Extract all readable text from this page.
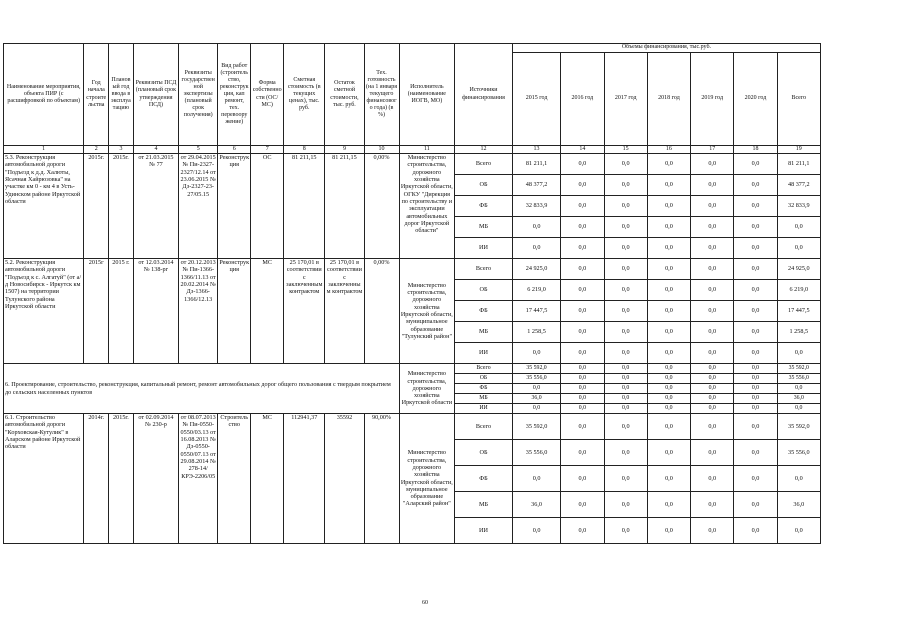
Наименование мероприятия, объекта ПИР (с расшифровкой по объектам)	Год начала строительства	Плановый год ввода в эксплуатацию	Реквизиты ПСД (плановый срок утверждения ПСД)	Реквизиты государственной экспертизы (плановый срок получения)	Вид работ (строительство, реконструкция, кап ремонт, тех. перевооружение)	Форма собственности (ОС/МС)	Сметная стоимость (в текущих ценах), тыс. руб.	Остаток сметной стоимости, тыс. руб.	Тех. готовность (на 1 января текущего финансового года) (в %)	Исполнитель (наименование ИОГВ, МО)	Источники финансирования	Объемы финансирования, тыс.руб.						
												2015 год	2016 год	2017 год	2018 год	2019 год	2020 год	Всего
1	2	3	4	5	6	7	8	9	10	11	12	13	14	15	16	17	18	19
5.3. Реконструкция автомобильной дороги "Подъезд к д.д. Халюты, Ясачная Хайрюзовка" на участке км 0 - км 4 в Усть-Удинском районе Иркутской области	2015г.	2015г.	от 21.03.2015 № 77	от 29.04.2015 № Пи-2327-2327/12.14 от 23.06.2015 № Дз-2327-23-27/05.15	Реконструкция	ОС	81 211,15	81 211,15	0,00%	Министерство строительства, дорожного хозяйства Иркутской области, ОГКУ "Дирекция по строительству и эксплуатации автомобильных дорог Иркутской области"	Всего	81 211,1	0,0	0,0	0,0	0,0	0,0	81 211,1
											ОБ	48 377,2	0,0	0,0	0,0	0,0	0,0	48 377,2
											ФБ	32 833,9	0,0	0,0	0,0	0,0	0,0	32 833,9
											МБ	0,0	0,0	0,0	0,0	0,0	0,0	0,0
											ИИ	0,0	0,0	0,0	0,0	0,0	0,0	0,0
5.2. Реконструкция автомобильной дороги "Подъезд к с. Алгатуй" (от а/д Новосибирск - Иркутск км 1507) на территории Тулунского района Иркутской области	2015г	2015 г.	от 12.03.2014 № 138-рг	от 20.12.2013 № Пи-1366-1366/11.13 от 20.02.2014 № Дз-1366-1366/12.13	Реконструкция	МС	25 170,01 в соответствии с заключенным контрактом	25 170,01 в соответствии с заключенным контрактом	0,00%	Министерство строительства, дорожного хозяйства Иркутской области, муниципальное образование "Тулунский район"	Всего	24 925,0	0,0	0,0	0,0	0,0	0,0	24 925,0
											ОБ	6 219,0	0,0	0,0	0,0	0,0	0,0	6 219,0
											ФБ	17 447,5	0,0	0,0	0,0	0,0	0,0	17 447,5
											МБ	1 258,5	0,0	0,0	0,0	0,0	0,0	1 258,5
											ИИ	0,0	0,0	0,0	0,0	0,0	0,0	0,0
6. Проектирование, строительство, реконструкция, капитальный ремонт, ремонт автомобильных дорог общего пользования с твердым покрытием до сельских населенных пунктов										Министерство строительства, дорожного хозяйства Иркутской области	Всего	35 592,0	0,0	0,0	0,0	0,0	0,0	35 592,0
											ОБ	35 556,0	0,0	0,0	0,0	0,0	0,0	35 556,0
											ФБ	0,0	0,0	0,0	0,0	0,0	0,0	0,0
											МБ	36,0	0,0	0,0	0,0	0,0	0,0	36,0
											ИИ	0,0	0,0	0,0	0,0	0,0	0,0	0,0
6.1. Строительство автомобильной дороги "Корховская-Кутулик" в Аларском районе Иркутской области	2014г.	2015г.	от 02.09.2014 № 230-р	от 08.07.2013 № Пи-0550-0550/03.13 от 16.08.2013 № Дз-0550-0550/07.13 от 29.08.2014 № 278-14/КРЭ-2206/05	Строительство	МС	112941,37	35592	90,00%	Министерство строительства, дорожного хозяйства Иркутской области, муниципальное образование "Аларский район"	Всего	35 592,0	0,0	0,0	0,0	0,0	0,0	35 592,0
											ОБ	35 556,0	0,0	0,0	0,0	0,0	0,0	35 556,0
											ФБ	0,0	0,0	0,0	0,0	0,0	0,0	0,0
											МБ	36,0	0,0	0,0	0,0	0,0	0,0	36,0
											ИИ	0,0	0,0	0,0	0,0	0,0	0,0	0,0
60
